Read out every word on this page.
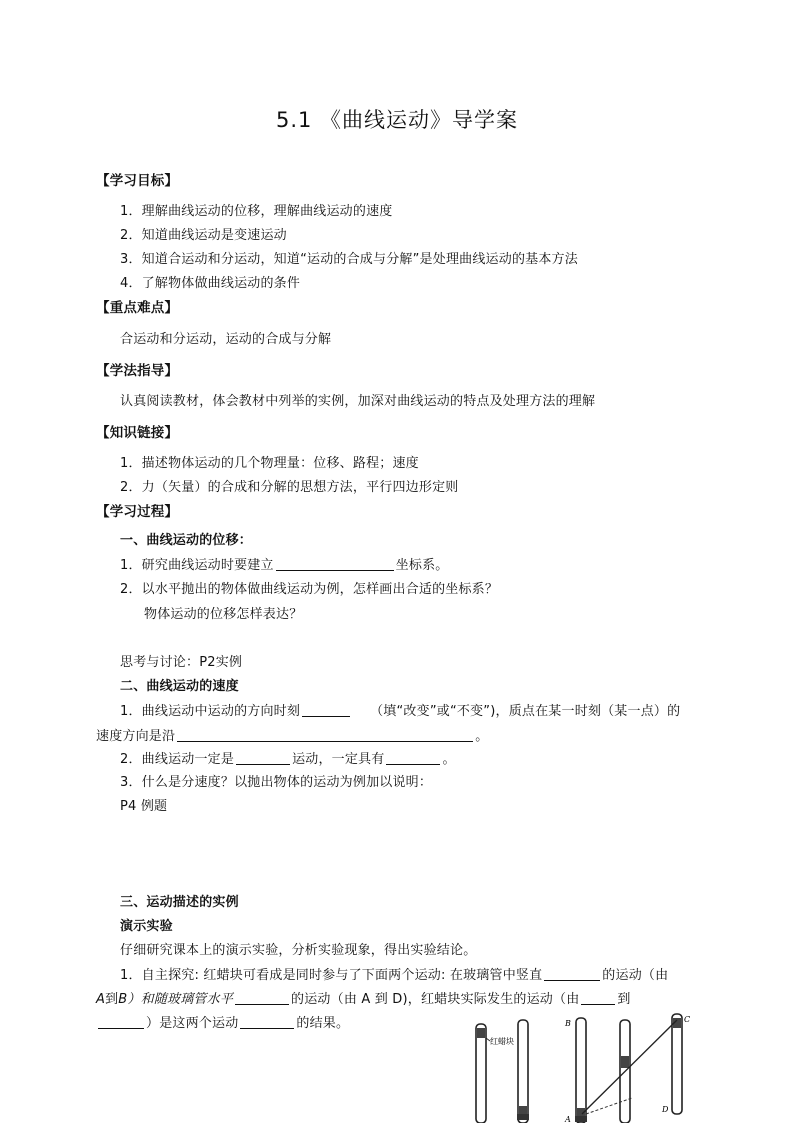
5.1 《曲线运动》导学案
【学习目标】
1．理解曲线运动的位移，理解曲线运动的速度
2．知道曲线运动是变速运动
3．知道合运动和分运动，知道“运动的合成与分解”是处理曲线运动的基本方法
4．了解物体做曲线运动的条件
【重点难点】
合运动和分运动，运动的合成与分解
【学法指导】
认真阅读教材，体会教材中列举的实例，加深对曲线运动的特点及处理方法的理解
【知识链接】
1．描述物体运动的几个物理量：位移、路程；速度
2．力（矢量）的合成和分解的思想方法，平行四边形定则
【学习过程】
一、曲线运动的位移：
1．研究曲线运动时要建立	坐标系。
2．以水平抛出的物体做曲线运动为例，怎样画出合适的坐标系？
物体运动的位移怎样表达？
思考与讨论：P2实例
二、曲线运动的速度
1．曲线运动中运动的方向时刻	（填“改变”或“不变”)，质点在某一时刻（某一点）的
速度方向是沿	。
2．曲线运动一定是	运动，一定具有	。
3．什么是分速度？以抛出物体的运动为例加以说明：
P4 例题
三、运动描述的实例
演示实验
仔细研究课本上的演示实验，分析实验现象，得出实验结论。
1．自主探究: 红蜡块可看成是同时参与了下面两个运动: 在玻璃管中竖直	的运动（由
A到B）和随玻璃管水平	的运动（由 A 到 D)，红蜡块实际发生的运动（由	到
）是这两个运动	的结果。
红蜡块
B
A
C
D
